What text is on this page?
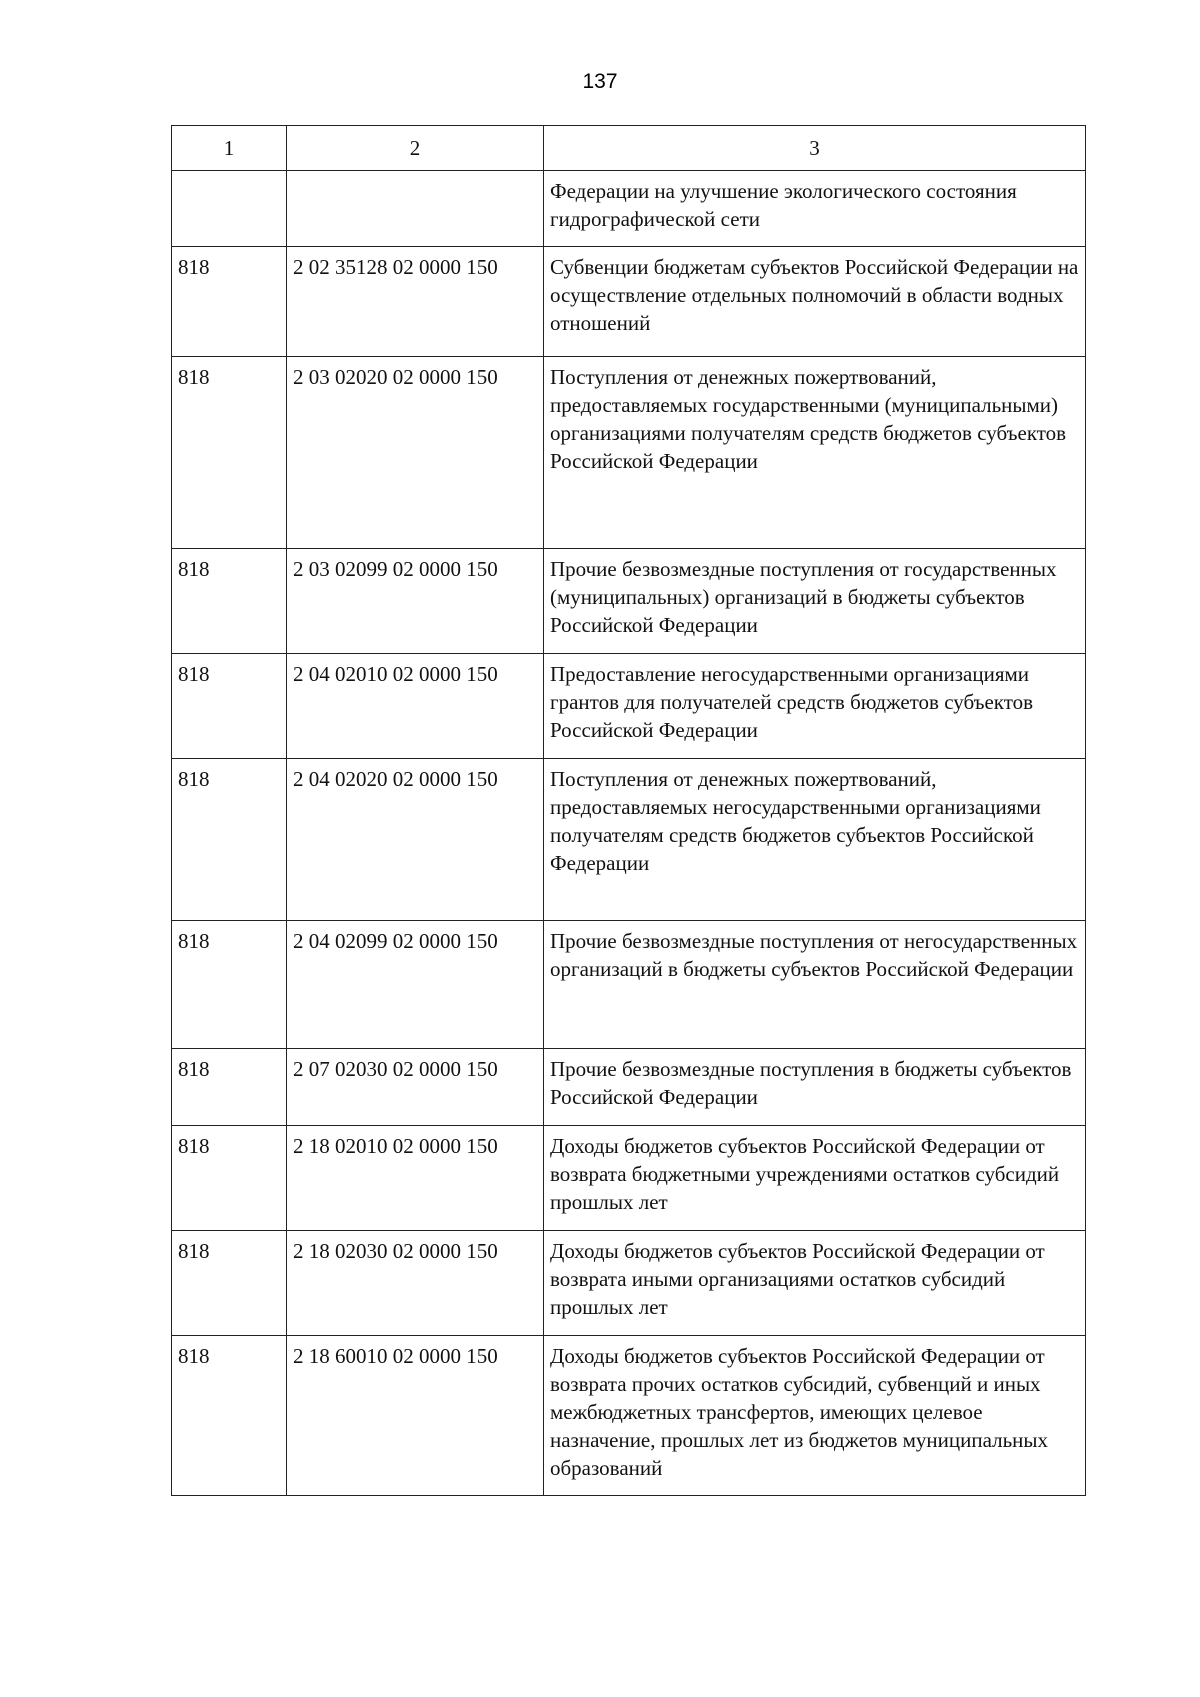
137
1	2	3
		Федерации на улучшение экологического состояния гидрографической сети
818	2 02 35128 02 0000 150	Субвенции бюджетам субъектов Российской Федерации на осуществление отдельных полномочий в области водных отношений
818	2 03 02020 02 0000 150	Поступления от денежных пожертвований, предоставляемых государственными (муниципальными) организациями получателям средств бюджетов субъектов Российской Федерации
818	2 03 02099 02 0000 150	Прочие безвозмездные поступления от государственных (муниципальных) организаций в бюджеты субъектов Российской Федерации
818	2 04 02010 02 0000 150	Предоставление негосударственными организациями грантов для получателей средств бюджетов субъектов Российской Федерации
818	2 04 02020 02 0000 150	Поступления от денежных пожертвований, предоставляемых негосударственными организациями получателям средств бюджетов субъектов Российской Федерации
818	2 04 02099 02 0000 150	Прочие безвозмездные поступления от негосударственных организаций в бюджеты субъектов Российской Федерации
818	2 07 02030 02 0000 150	Прочие безвозмездные поступления в бюджеты субъектов Российской Федерации
818	2 18 02010 02 0000 150	Доходы бюджетов субъектов Российской Федерации от возврата бюджетными учреждениями остатков субсидий прошлых лет
818	2 18 02030 02 0000 150	Доходы бюджетов субъектов Российской Федерации от возврата иными организациями остатков субсидий прошлых лет
818	2 18 60010 02 0000 150	Доходы бюджетов субъектов Российской Федерации от возврата прочих остатков субсидий, субвенций и иных межбюджетных трансфертов, имеющих целевое назначение, прошлых лет из бюджетов муниципальных образований
